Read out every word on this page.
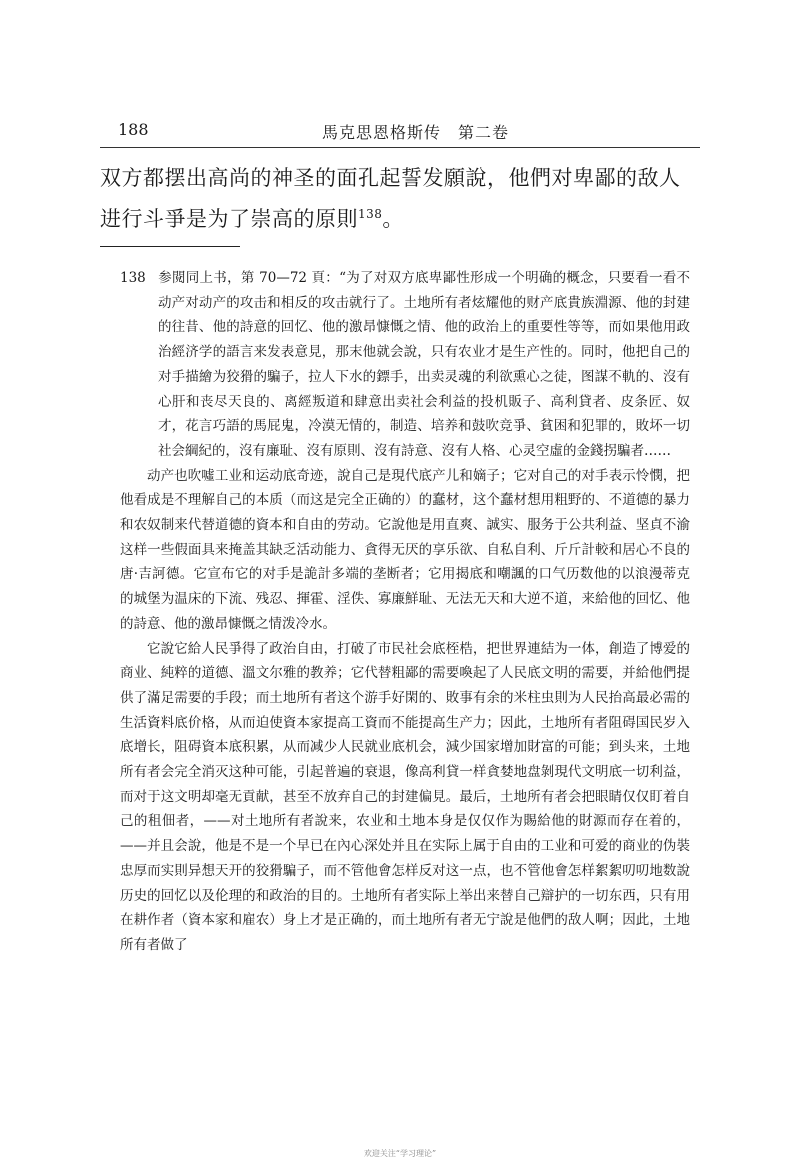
188	馬克思恩格斯传　第二卷

双方都摆出高尚的神圣的面孔起誓发願說，他們对卑鄙的敌人进行斗爭是为了崇高的原則$^{138}$。

138 参閱同上书，第 70—72 頁：“为了对双方底卑鄙性形成一个明确的概念，只要看一看不动产对动产的攻击和相反的攻击就行了。土地所有者炫耀他的财产底貴族淵源、他的封建的往昔、他的詩意的回忆、他的激昂慷慨之情、他的政治上的重要性等等，而如果他用政治經济学的語言来发表意見，那末他就会說，只有农业才是生产性的。同时，他把自己的对手描繪为狡猾的騙子，拉人下水的鏢手，出卖灵魂的利欲熏心之徒，图謀不軌的、沒有心肝和丧尽天良的、离經叛道和肆意出卖社会利益的投机販子、高利貸者、皮条匠、奴才，花言巧語的馬屁鬼，冷漠无情的，制造、培养和鼓吹竞爭、貧困和犯罪的，敗坏一切社会綱紀的，沒有廉耻、沒有原則、沒有詩意、沒有人格、心灵空虛的金錢拐騙者……

动产也吹噓工业和运动底奇迹，說自己是現代底产儿和嫡子；它对自己的对手表示怜憫，把他看成是不理解自己的本质（而这是完全正确的）的蠢材，这个蠢材想用粗野的、不道德的暴力和农奴制来代替道德的資本和自由的劳动。它說他是用直爽、誠实、服务于公共利益、坚貞不渝这样一些假面具来掩盖其缺乏活动能力、貪得无厌的享乐欲、自私自利、斤斤計較和居心不良的唐·吉訶德。它宣布它的对手是詭計多端的垄断者；它用揭底和嘲諷的口气历数他的以浪漫蒂克的城堡为温床的下流、残忍、揮霍、淫佚、寡廉鮮耻、无法无天和大逆不道，来給他的回忆、他的詩意、他的激昂慷慨之情泼冷水。

它說它給人民爭得了政治自由，打破了市民社会底桎梏，把世界連結为一体，創造了博爱的商业、純粹的道德、溫文尔雅的教养；它代替粗鄙的需要喚起了人民底文明的需要，并給他們提供了滿足需要的手段；而土地所有者这个游手好閑的、敗事有余的米柱虫則为人民抬高最必需的生活資料底价格，从而迫使資本家提高工資而不能提高生产力；因此，土地所有者阻碍国民岁入底增长，阻碍資本底积累，从而减少人民就业底机会，減少国家增加財富的可能；到头来，土地所有者会完全消灭这种可能，引起普遍的衰退，像高利貸一样貪婪地盘剝現代文明底一切利益，而对于这文明却毫无貢献，甚至不放弃自己的封建偏見。最后，土地所有者会把眼睛仅仅盯着自己的租佃者，——对土地所有者說来，农业和土地本身是仅仅作为賜給他的財源而存在着的，——并且会說，他是不是一个早已在內心深处并且在实际上属于自由的工业和可爱的商业的伪裝忠厚而实則异想天开的狡猾騙子，而不管他會怎样反对这一点，也不管他會怎样絮絮叨叨地数說历史的回忆以及伦理的和政治的目的。土地所有者实际上举出来替自己辯护的一切东西，只有用在耕作者（資本家和雇农）身上才是正确的，而土地所有者无宁說是他們的敌人啊；因此，土地所有者做了

欢迎关注“学习理论”
